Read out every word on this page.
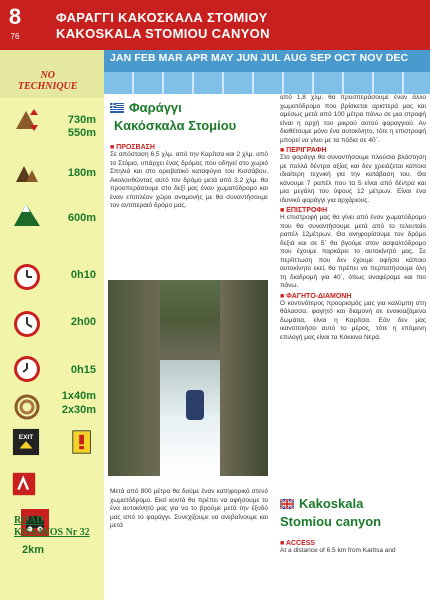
8
76
ΦΑΡΑΓΓΙ ΚΑΚΟΣΚΑΛΑ ΣΤΟΜΙΟΥ
KAKOSKALA STOMIOU CANYON
NO
TECHNIQUE
730m
550m
180m
600m
0h10
2h00
0h15
1x40m
2x30m
EXIT
2km
ROAD
KISSAVOS Nr 32
JAN FEB MAR APR MAY JUN JUL AUG SEP OCT NOV DEC
Φαράγγι
Κακόσκαλα Στομίου
■ ΠΡΟΣΒΑΣΗ
Σε απόσταση 6,5 χλμ. από την Καρίτσα και 2 χλμ. από το Στόμιο, υπάρχει ένας δρόμος που οδηγεί στο χωριό Σπηλιά και στο ορειβατικό καταφύγιο του Κισσάβου. Ακολουθώντας αυτό τον δρόμο μετά από 3,2 χλμ. θα προσπεράσουμε στο δεξί μας έναν χωματόδρομο και έναν επιπλέον χώρο αναμονής με θα συναντήσουμε τον αντιπεραιό δρόμο μας.
Μετά από 800 μέτρα θα δούμε έναν κατηφορικό στενό χωματόδρομο. Εκεί κοντά θα πρέπει να αφήσουμε το ένα αυτοκίνητό μας για να το βρούμε μετά την έξοδό μας από το φαράγγι. Συνεχίζουμε να ανεβαίνουμε και μετά
από 1,8 χλμ. θα προσπεράσουμε έναν άλλο χωματόδρομο που βρίσκεται αριστερά μας και αμέσως μετά από 100 μέτρα πάνω σε μια στροφή είναι η αρχή του μικρού αυτού φαραγγιού. Αν διαθέτουμε μόνο ένα αυτοκίνητο, τότε η επιστροφή μπορεί να γίνει με τα πόδια σε 40΄.
■ ΠΕΡΙΓΡΑΦΗ
Στο φαράγγι θα συναντήσουμε πλούσια βλάστηση με πολλά δέντρα αξίας και δεν χρειάζεται κάποια ιδιαίτερη τεχνική για την κατάβαση του. Θα κάνουμε 7 ραπέλ που τα 5 είναι από δέντρα και μια μεγάλη του ύψους 12 μέτρων. Είναι ένα ιδανικό φαράγγι για αρχάριους.
■ ΕΠΙΣΤΡΟΦΗ
Η επιστροφή μας θα γίνει από έναν χωματόδρομο που θα συναντήσουμε μετά από το τελευταίο ραπέλ 12μέτρων. Θα ανηφορίσουμε τον δρόμο δεξιά και σε 5΄ θα βγούμε στον ασφαλτόδρομο που έχουμε παρκάρει το αυτοκίνητό μας. Σε περίπτωση που δεν έχουμε αφήσει κάποιο αυτοκίνητο εκεί, θα πρέπει να περπατήσουμε όλη τη διαδρομή για 40΄, όπως αναφέραμε και πιο πάνω.
■ ΦΑΓΗΤΟ-ΔΙΑΜΟΝΗ
Ο κοντινότερος προορισμός μας για καλύμπη στη θάλασσα, φαγητό και διαμονή σε ενοικιαζόμενα δωμάτια, είναι η Καρίτσα. Εάν δεν μας ικανοποιήσει αυτό το μέρος, τότε η επόμενη επιλογή μας είναι τα Κόκκινα Νερά.
Kakoskala
Stomiou canyon
■ ACCESS
At a distance of 6.5 km from Karitsa and
